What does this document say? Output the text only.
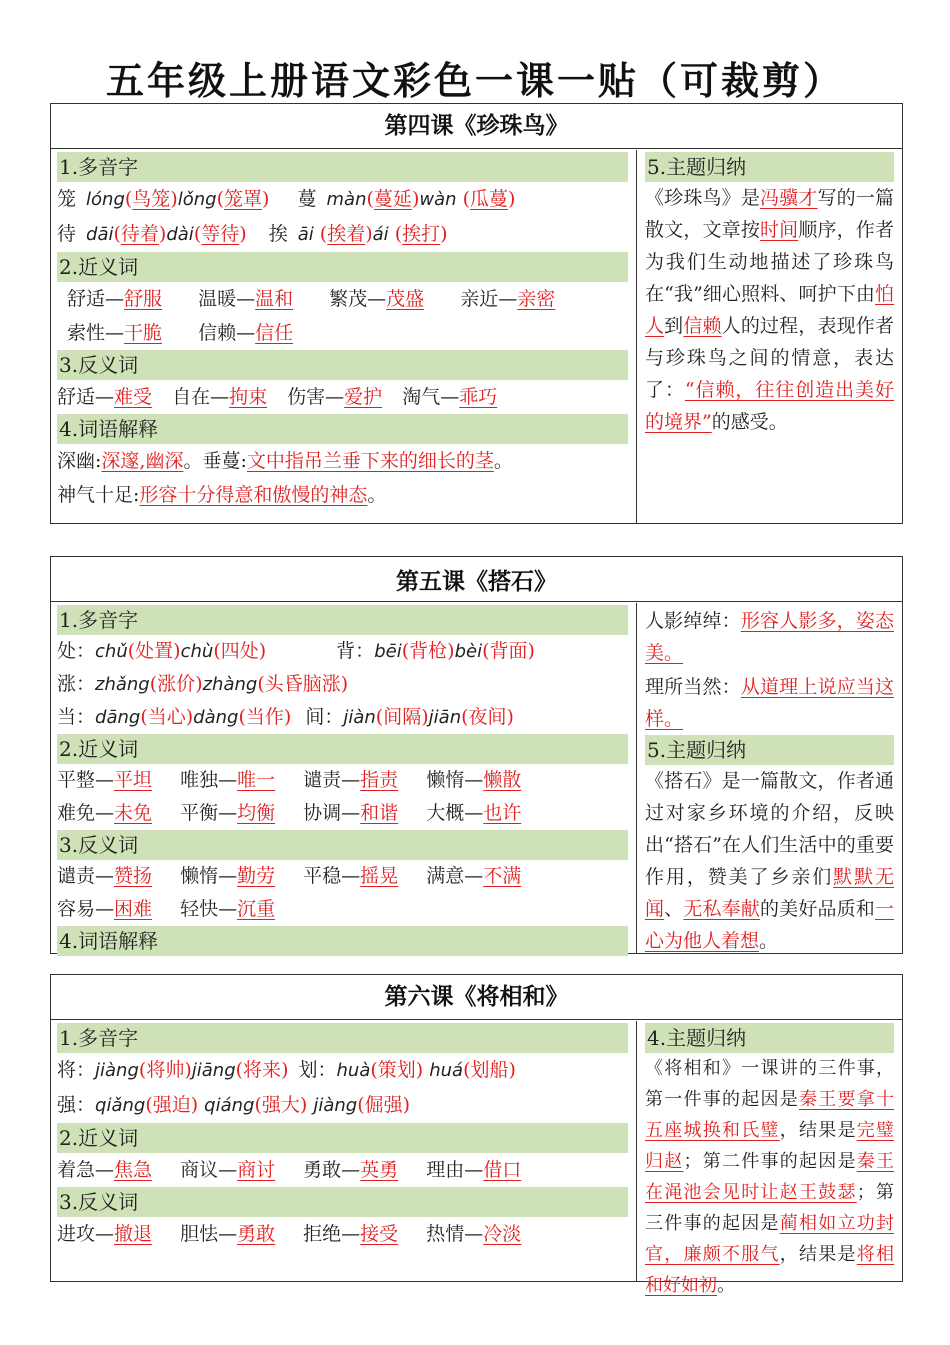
五年级上册语文彩色一课一贴（可裁剪）
第四课《珍珠鸟》
1.多音字
笼 lóng(鸟笼)lǒng(笼罩) 蔓 màn(蔓延)wàn (瓜蔓)
待 dāi(待着)dài(等待) 挨 āi (挨着)ái (挨打)
2.近义词
舒适—舒服 温暖—温和 繁茂—茂盛 亲近—亲密
索性—干脆 信赖—信任
3.反义词
舒适—难受 自在—拘束 伤害—爱护 淘气—乖巧
4.词语解释
深幽:深邃,幽深。垂蔓:文中指吊兰垂下来的细长的茎。
神气十足:形容十分得意和傲慢的神态。
5.主题归纳
《珍珠鸟》是冯骥才写的一篇散文，文章按时间顺序，作者为我们生动地描述了珍珠鸟在“我”细心照料、呵护下由怕人到信赖人的过程，表现作者与珍珠鸟之间的情意，表达了：“信赖，往往创造出美好的境界”的感受。
第五课《搭石》
1.多音字
处：chǔ(处置)chù(四处)	背：bēi(背枪)bèi(背面)
涨：zhǎng(涨价)zhàng(头昏脑涨)
当：dāng(当心)dàng(当作) 间：jiàn(间隔)jiān(夜间)
2.近义词
平整—平坦 唯独—唯一 谴责—指责 懒惰—懒散
难免—未免 平衡—均衡 协调—和谐 大概—也许
3.反义词
谴责—赞扬 懒惰—勤劳 平稳—摇晃 满意—不满
容易—困难 轻快—沉重
4.词语解释
人影绰绰：形容人影多，姿态美。
理所当然：从道理上说应当这样。
5.主题归纳
《搭石》是一篇散文，作者通过对家乡环境的介绍，反映出“搭石”在人们生活中的重要作用，赞美了乡亲们默默无闻、无私奉献的美好品质和一心为他人着想。
第六课《将相和》
1.多音字
将：jiàng(将帅)jiāng(将来) 划：huà(策划) huá(划船)
强：qiǎng(强迫) qiáng(强大) jiàng(倔强)
2.近义词
着急—焦急 商议—商讨 勇敢—英勇 理由—借口
3.反义词
进攻—撤退 胆怯—勇敢 拒绝—接受 热情—冷淡
4.主题归纳
《将相和》一课讲的三件事，第一件事的起因是秦王要拿十五座城换和氏璧，结果是完璧归赵；第二件事的起因是秦王在渑池会见时让赵王鼓瑟；第三件事的起因是蔺相如立功封官，廉颇不服气，结果是将相和好如初。
